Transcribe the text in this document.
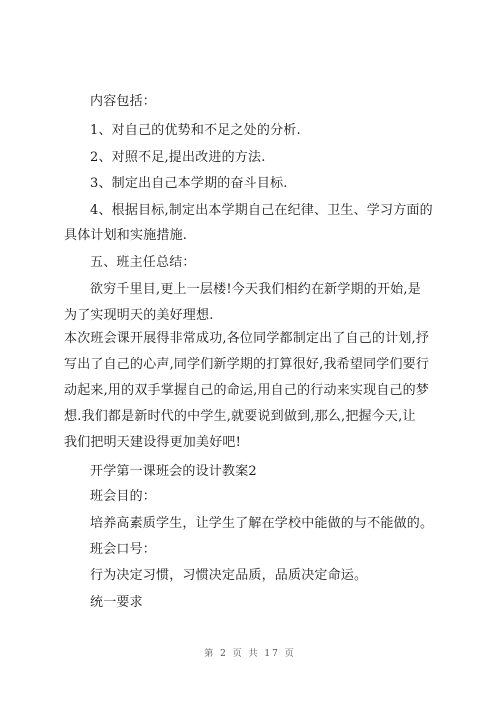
内容包括：
1、对自己的优势和不足之处的分析.
2、对照不足,提出改进的方法.
3、制定出自己本学期的奋斗目标.
4、根据目标,制定出本学期自己在纪律、卫生、学习方面的
具体计划和实施措施.
五、班主任总结：
欲穷千里目,更上一层楼!今天我们相约在新学期的开始,是
为了实现明天的美好理想.
本次班会课开展得非常成功,各位同学都制定出了自己的计划,抒
写出了自己的心声,同学们新学期的打算很好,我希望同学们要行
动起来,用的双手掌握自己的命运,用自己的行动来实现自己的梦
想.我们都是新时代的中学生,就要说到做到,那么,把握今天,让
我们把明天建设得更加美好吧!
开学第一课班会的设计教案2
班会目的：
培养高素质学生，让学生了解在学校中能做的与不能做的。
班会口号：
行为决定习惯，习惯决定品质，品质决定命运。
统一要求
第 2 页 共 17 页
